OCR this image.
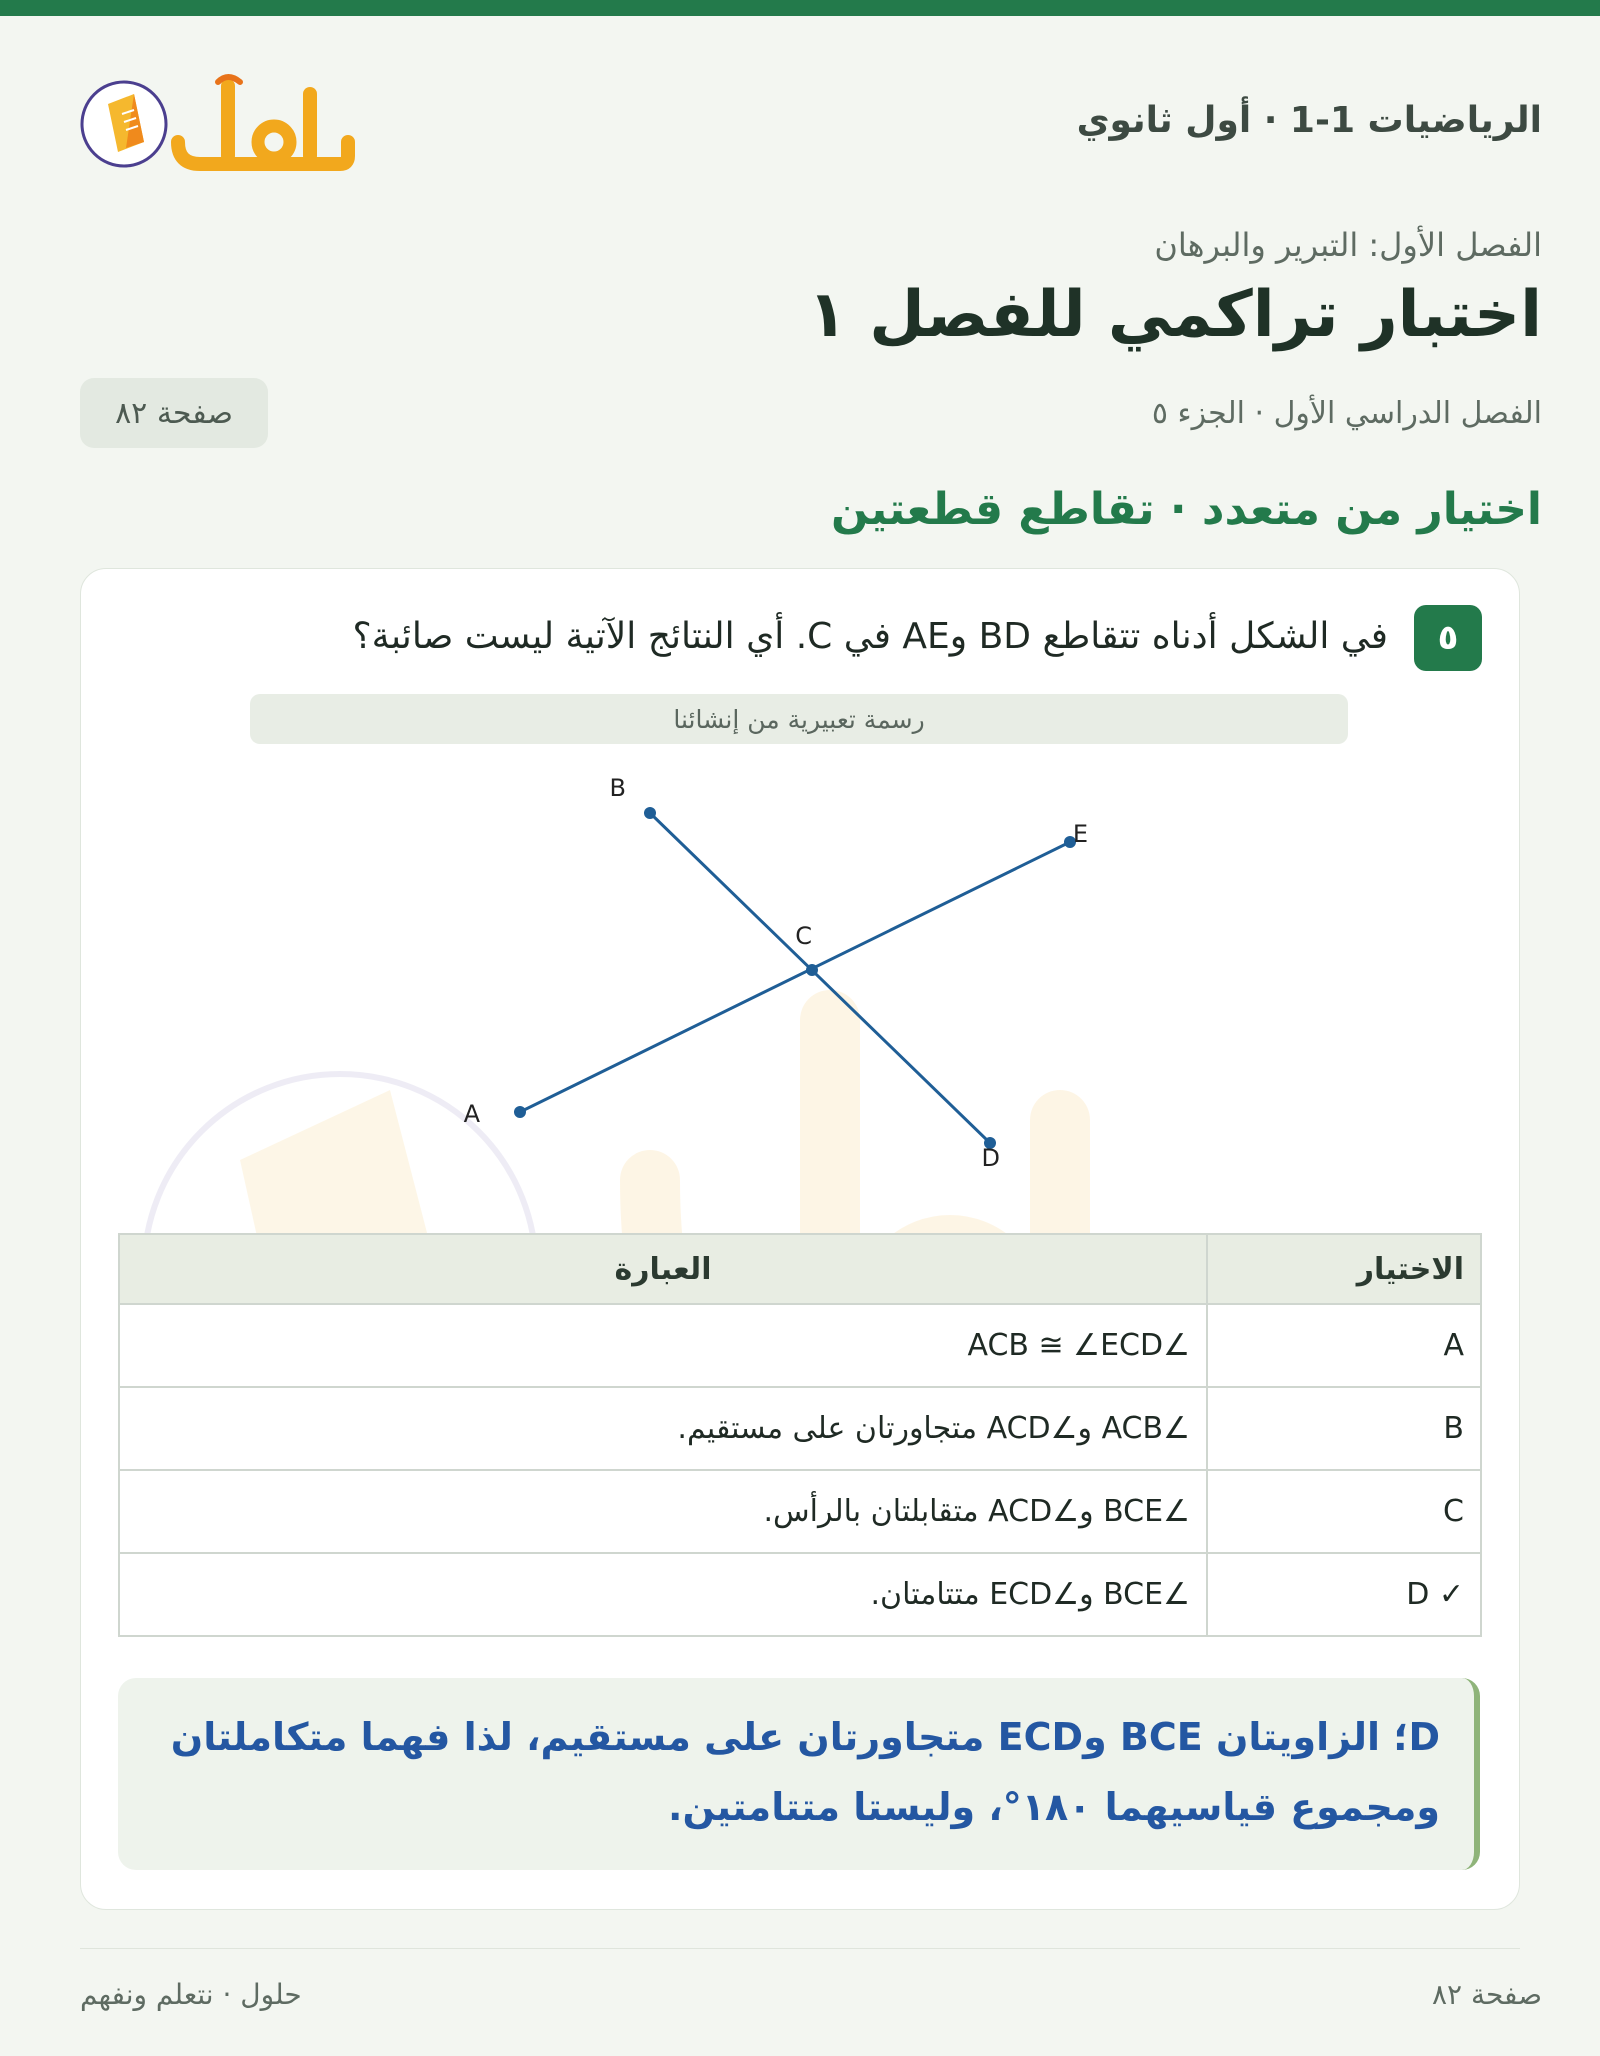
الرياضيات 1-1 · أول ثانوي
الفصل الأول: التبرير والبرهان
اختبار تراكمي للفصل ١
الفصل الدراسي الأول · الجزء ٥
صفحة ٨٢
اختيار من متعدد · تقاطع قطعتين
٥
في الشكل أدناه تتقاطع BD وAE في C. أي النتائج الآتية ليست صائبة؟
رسمة تعبيرية من إنشائنا
B
E
C
A
D
الاختيار	العبارة
A	∠ACB ≅ ∠ECD
B	∠ACB و∠ACD متجاورتان على مستقيم.
C	∠BCE و∠ACD متقابلتان بالرأس.
✓ D	∠BCE و∠ECD متتامتان.
D؛ الزاويتان BCE وECD متجاورتان على مستقيم، لذا فهما متكاملتان ومجموع قياسيهما ١٨٠°، وليستا متتامتين.
صفحة ٨٢
حلول · نتعلم ونفهم
